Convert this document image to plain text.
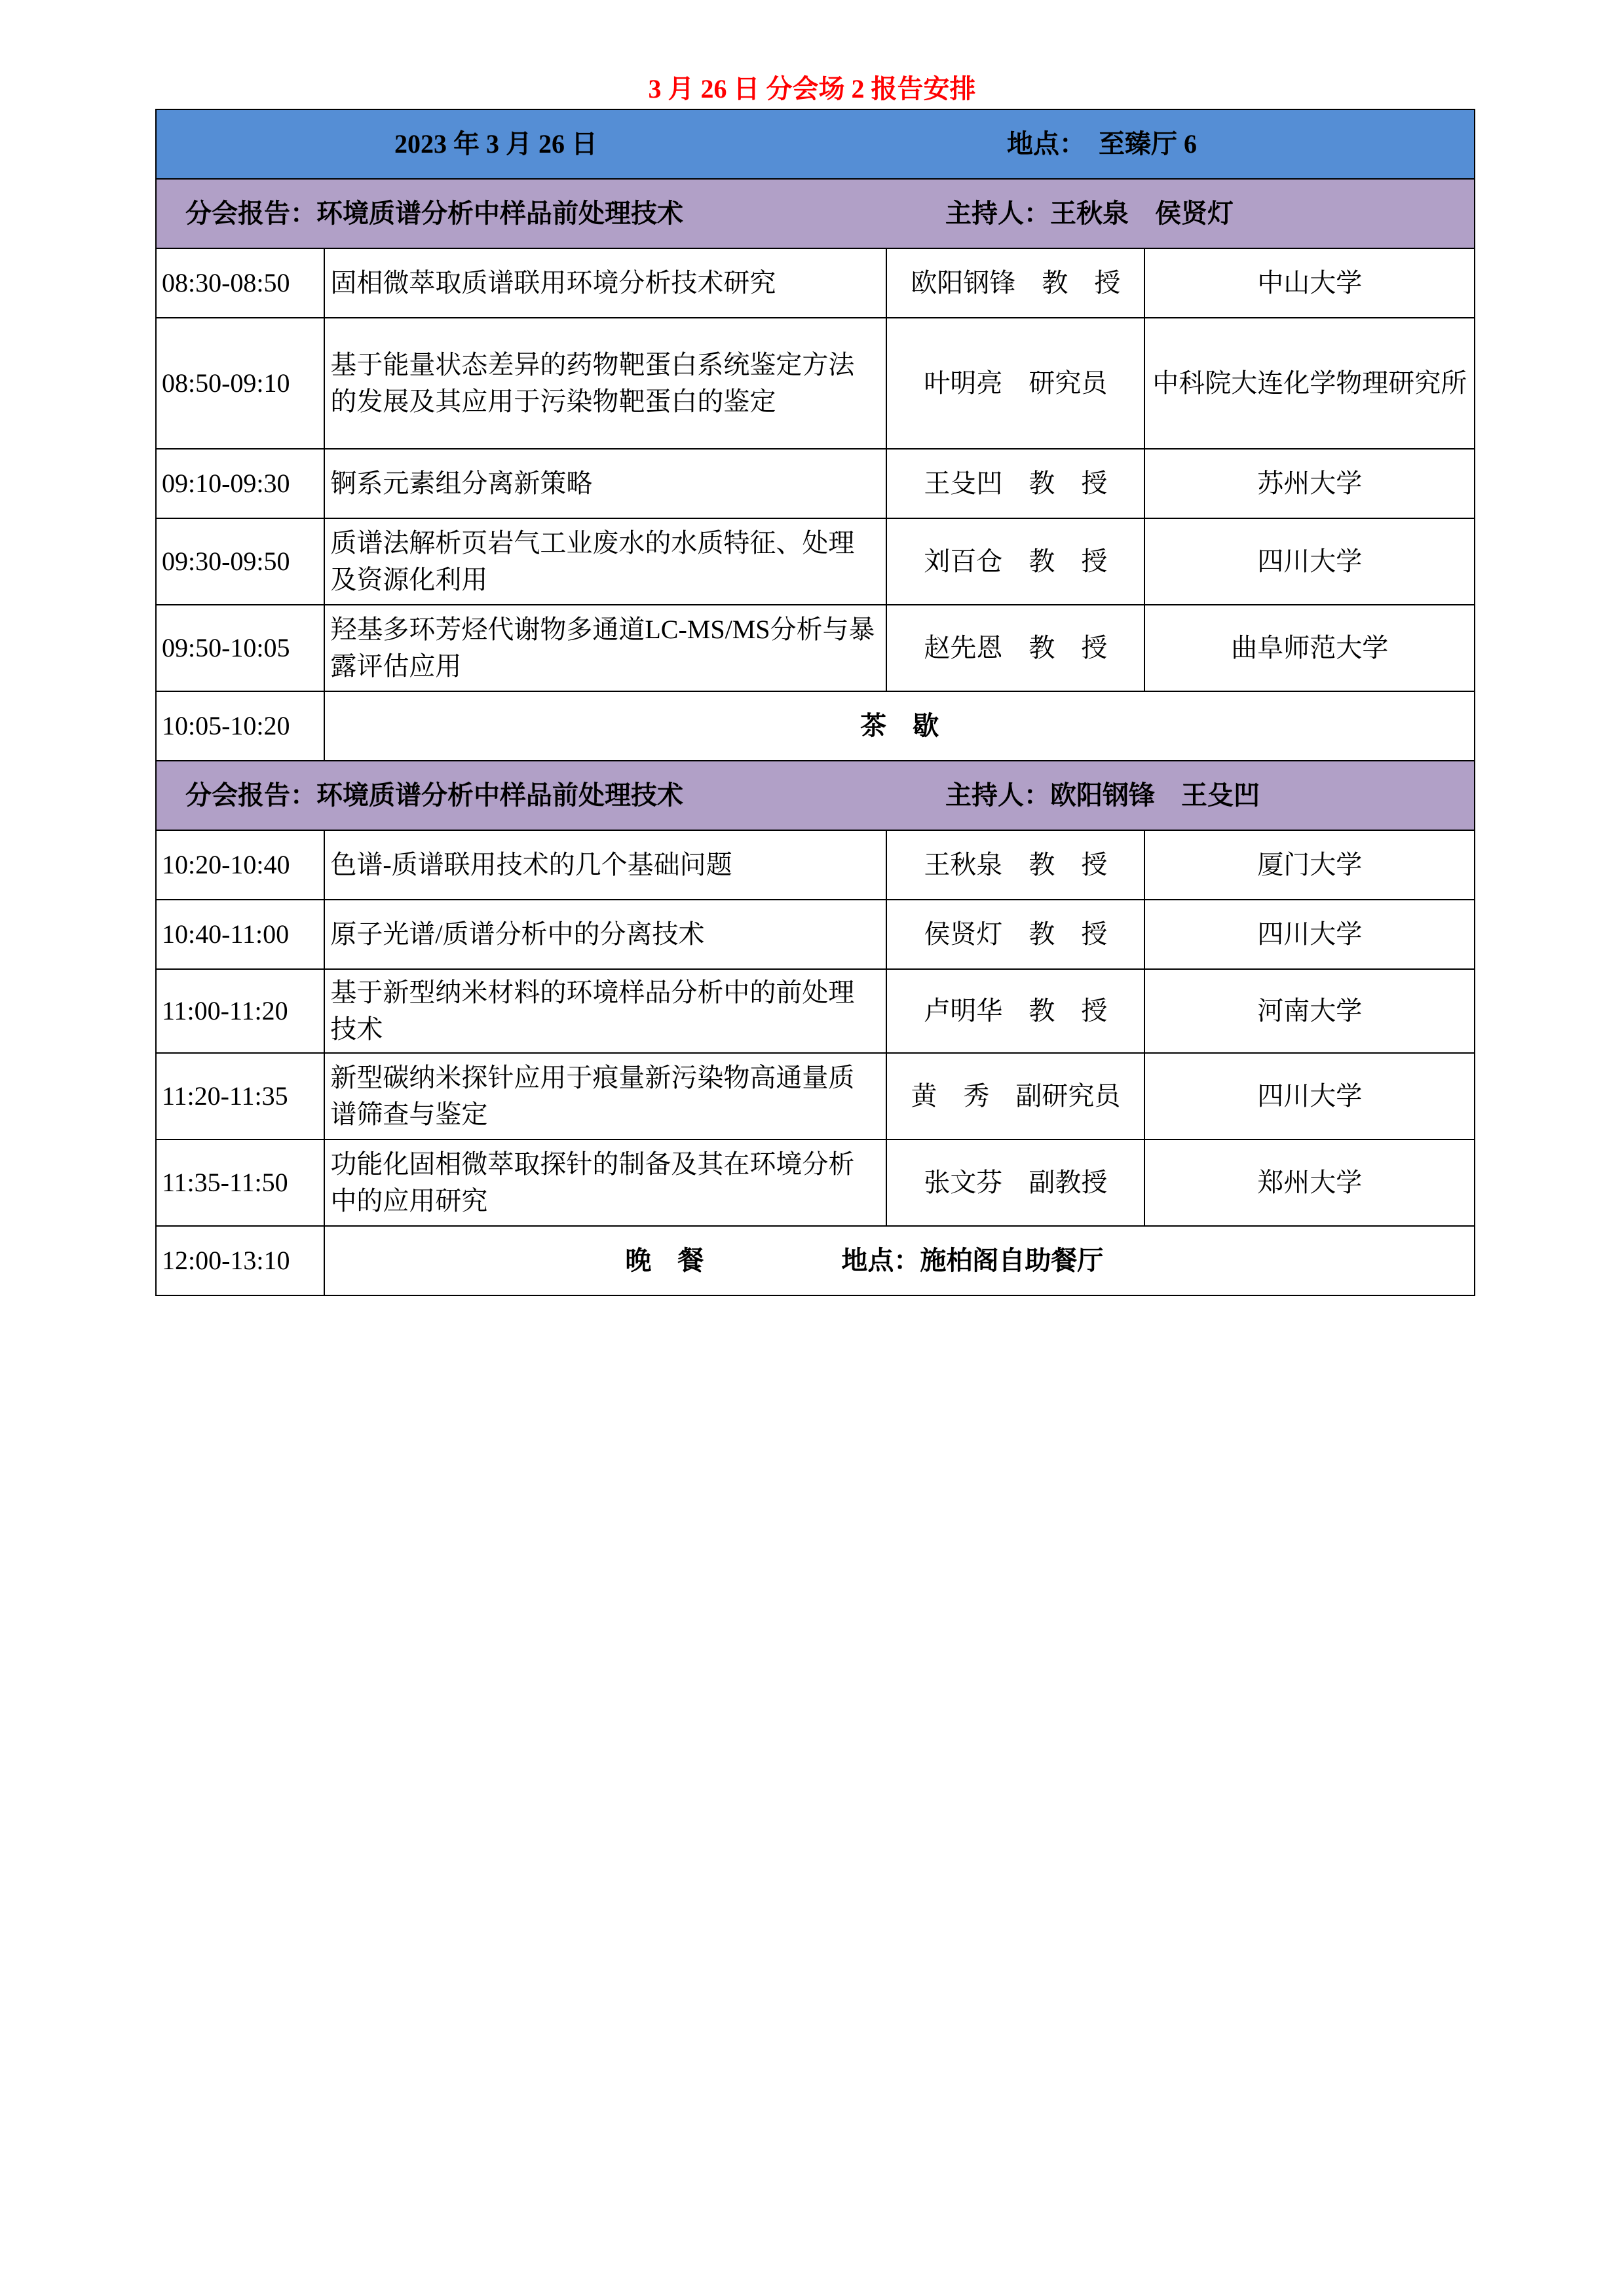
3 月 26 日 分会场 2 报告安排
2023 年 3 月 26 日 地点： 至臻厅 6			

分会报告：环境质谱分析中样品前处理技术 主持人： 王秋泉　侯贤灯			

08:30-08:50	固相微萃取质谱联用环境分析技术研究	欧阳钢锋　教　授	中山大学
08:50-09:10	基于能量状态差异的药物靶蛋白系统鉴定方法的发展及其应用于污染物靶蛋白的鉴定	叶明亮　研究员	中科院大连化学物理研究所
09:10-09:30	锕系元素组分离新策略	王殳凹　教　授	苏州大学
09:30-09:50	质谱法解析页岩气工业废水的水质特征、处理及资源化利用	刘百仓　教　授	四川大学
09:50-10:05	羟基多环芳烃代谢物多通道LC-MS/MS分析与暴露评估应用	赵先恩　教　授	曲阜师范大学
10:05-10:20	茶　歇		

分会报告：环境质谱分析中样品前处理技术 主持人： 欧阳钢锋　王殳凹			

10:20-10:40	色谱-质谱联用技术的几个基础问题	王秋泉　教　授	厦门大学
10:40-11:00	原子光谱/质谱分析中的分离技术	侯贤灯　教　授	四川大学
11:00-11:20	基于新型纳米材料的环境样品分析中的前处理技术	卢明华　教　授	河南大学
11:20-11:35	新型碳纳米探针应用于痕量新污染物高通量质谱筛查与鉴定	黄　秀　副研究员	四川大学
11:35-11:50	功能化固相微萃取探针的制备及其在环境分析中的应用研究	张文芬　副教授	郑州大学
12:00-13:10	晚　餐 地点：施柏阁自助餐厅		
